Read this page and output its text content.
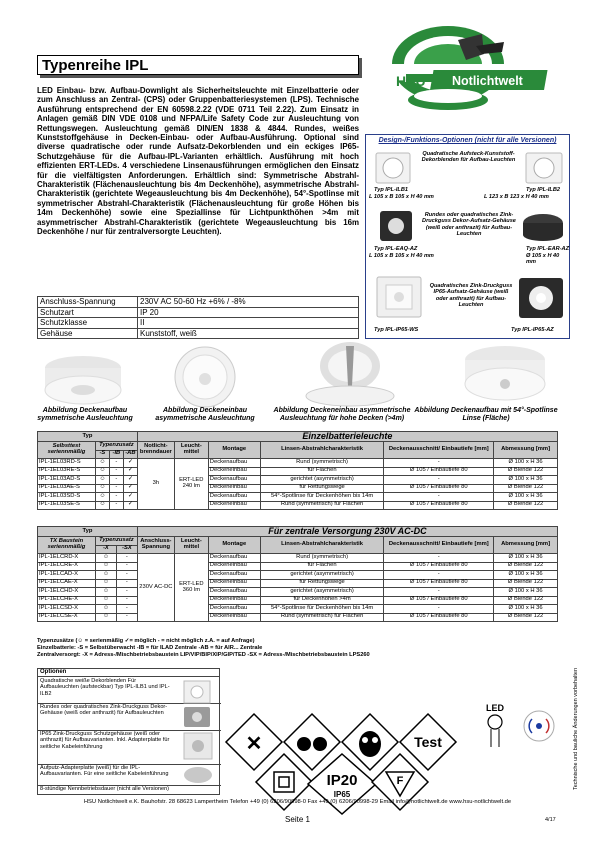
Typenreihe IPL
HSU Notlichtwelt
LED Einbau- bzw. Aufbau-Downlight als Sicherheitsleuchte mit Einzelbatterie oder zum Anschluss an Zentral- (CPS) oder Gruppenbatteriesystemen (LPS). Technische Ausführung entsprechend der EN 60598.2.22 (VDE 0711 Teil 2.22). Zum Einsatz in Anlagen gemäß DIN VDE 0108 und NFPA/Life Safety Code zur Ausleuchtung von Rettungswegen. Ausleuchtung gemäß DIN/EN 1838 & 4844. Rundes, weißes Kunststoffgehäuse in Decken-Einbau- oder Aufbau-Ausführung. Optional sind diverse quadratische oder runde Aufsatz-Dekorblenden und ein eckiges IP65-Schutzgehäuse für die Aufbau-IPL-Varianten erhältlich. Ausführung mit hoch effizienten ERT-LEDs. 4 verschiedene Linsenausführungen ermöglichen den Einsatz für die vielfältigsten Anforderungen. Erhältlich sind: Symmetrische Abstrahl-Charakteristik (Flächenausleuchtung bis 4m Deckenhöhe), asymmetrische Abstrahl-Charakteristik (gerichtete Wegeausleuchtung bis 4m Deckenhöhe), 54°-Spotlinse mit symmetrischer Abstrahl-Charakteristik (Flächenausleuchtung für große Höhen bis 14m Deckenhöhe) sowie eine Speziallinse für Lichtpunkthöhen >4m mit asymmetrischer Abstrahl-Charakteristik (gerichtete Wegeausleuchtung bis 16m Deckenhöhe / nur für zentralversorgte Leuchten).
Anschluss-Spannung	230V AC 50-60 Hz +6% / -8%
Schutzart	IP 20
Schutzklasse	II
Gehäuse	Kunststoff, weiß
Design-/Funktions-Optionen (nicht für alle Versionen)
Quadratische Aufsteck-Kunststoff-Dekorblenden für Aufbau-Leuchten
Typ IPL-ILB1
L 105 x B 105 x H 40 mm
Typ IPL-ILB2
L 123 x B 123 x H 40 mm
Rundes oder quadratisches Zink-Druckguss Dekor-Aufsatz-Gehäuse (weiß oder anthrazit) für Aufbau-Leuchten
Typ IPL-EAQ-AZ
L 105 x B 105 x H 40 mm
Typ IPL-EAR-AZ
Ø 105 x H 40 mm
Quadratisches Zink-Druckguss IP65-Aufsatz-Gehäuse (weiß oder anthrazit) für Aufbau-Leuchten
Typ IPL-IP65-WS	Typ IPL-IP65-AZ
Abbildung Deckenaufbau symmetrische Ausleuchtung
Abbildung Deckeneinbau asymmetrische Ausleuchtung
Abbildung Deckeneinbau asymmetrische Ausleuchtung für hohe Decken (>4m)
Abbildung Deckenaufbau mit 54°-Spotlinse Linse (Fläche)
Typ				Einzelbatterieleuchte					
Selbsttest seriennmäßig	Typenzusatz			Notlicht-brenndauer	Leucht-mittel	Montage	Linsen-Abstrahlcharakteristik	Deckenausschnitt/ Einbautiefe [mm]	Abmessung [mm]
	-S	-IB	-AB						
IPL-1EL03RD-S	☺	-	✓	3h	ERT-LED 240 lm	Deckenaufbau	Rund (symmetrisch)	-	Ø 100 x H 36
IPL-1EL03RE-S	☺	-	✓			Deckeneinbau	für Flächen	Ø 105 / Einbautiefe 80	Ø Blende 122
IPL-1EL03AD-S	☺	-	✓			Deckenaufbau	gerichtet (asymmetrisch)	-	Ø 100 x H 36
IPL-1EL03AE-S	☺	-	✓			Deckeneinbau	für Rettungswege	Ø 105 / Einbautiefe 80	Ø Blende 122
IPL-1EL03SD-S	☺	-	✓			Deckenaufbau	54°-Spotlinse für Deckenhöhen bis 14m	-	Ø 100 x H 36
IPL-1EL03SE-S	☺	-	✓			Deckeneinbau	Rund (symmetrisch) für Flächen	Ø 105 / Einbautiefe 80	Ø Blende 122
Typ			Für zentrale Versorgung 230V AC-DC					
TX Baustein seriennmäßig	Typenzusatz		Anschluss-Spannung	Leucht-mittel	Montage	Linsen-Abstrahlcharakteristik	Deckenausschnitt/ Einbautiefe [mm]	Abmessung [mm]
	-X	-SX						
IPL-1ELCRD-X	☺	-	230V AC-DC	ERT-LED 360 lm	Deckenaufbau	Rund (symmetrisch)	-	Ø 100 x H 36
IPL-1ELCRE-X	☺	-			Deckeneinbau	für Flächen	Ø 105 / Einbautiefe 80	Ø Blende 122
IPL-1ELCAD-X	☺	-			Deckenaufbau	gerichtet (asymmetrisch)	-	Ø 100 x H 36
IPL-1ELCAE-X	☺	-			Deckeneinbau	für Rettungswege	Ø 105 / Einbautiefe 80	Ø Blende 122
IPL-1ELCHD-X	☺	-			Deckenaufbau	gerichtet (asymmetrisch)	-	Ø 100 x H 36
IPL-1ELCHE-X	☺	-			Deckeneinbau	für Deckenhöhen >4m	Ø 105 / Einbautiefe 80	Ø Blende 122
IPL-1ELCSD-X	☺	-			Deckenaufbau	54°-Spotlinse für Deckenhöhen bis 14m	-	Ø 100 x H 36
IPL-1ELCSE-X	☺	-			Deckeneinbau	Rund (symmetrisch) für Flächen	Ø 105 / Einbautiefe 80	Ø Blende 122
Typenzusätze (☺ = serienmäßig ✓= möglich - = nicht möglich z.A. = auf Anfrage)
Einzelbatterie: -S = Selbstüberwacht -IB = für ILAD Zentrale -AB = für AIR... Zentrale
Zentralversorgt: -X = Adress-/Mischbetriebsbaustein LIP/VIP/BIP/XIP/GIP/TED -SX = Adress-/Mischbetriebsbaustein LPS260
Optionen
Quadratische weiße Dekorblenden Für Aufbauleuchten (aufsteckbar) Typ IPL-ILB1 und IPL-ILB2
Rundes oder quadratisches Zink-Druckguss Dekor-Gehäuse (weiß oder anthrazit) für Aufbauleuchten
IP65 Zink-Druckguss Schutzgehäuse (weiß oder anthrazit) für Aufbauvarianten. Inkl. Adapterplatte für seitliche Kabeleinführung
Aufputz-Adapterplatte (weiß) für die IPL-Aufbauvarianten. Für eine seitliche Kabeleinführung
8-stündige Nennbetriebsdauer (nicht alle Versionen)
✕	Test
IP20
IP65
F
LED
HSU Notlichtwelt e.K. Bauhofstr. 28 68623 Lampertheim Telefon +49 (0) 6206/90998-0 Fax +49 (0) 6206/90998-29 Email info@notlichtwelt.de www.hsu-notlichtwelt.de
Seite 1	4/17
Technische und bauliche Änderungen vorbehalten
